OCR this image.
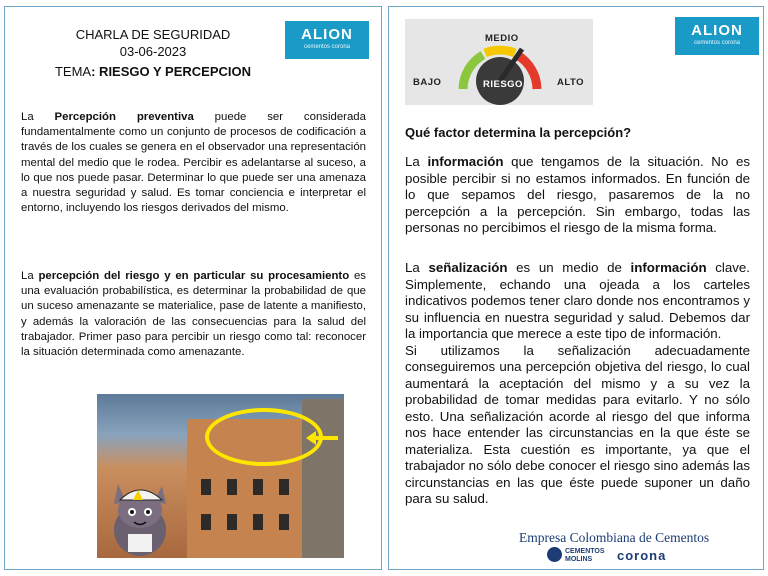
CHARLA DE SEGURIDAD
03-06-2023
TEMA: RIESGO Y PERCEPCION
ALION
cementos corona
La Percepción preventiva puede ser considerada fundamentalmente como un conjunto de procesos de codificación a través de los cuales se genera en el observador una representación mental del medio que le rodea. Percibir es adelantarse al suceso, a lo que nos puede pasar. Determinar lo que puede ser una amenaza a nuestra seguridad y salud. Es tomar conciencia e interpretar el entorno, incluyendo los riesgos derivados del mismo.
La percepción del riesgo y en particular su procesamiento es una evaluación probabilística, es determinar la probabilidad de que un suceso amenazante se materialice, pase de latente a manifiesto, y además la valoración de las consecuencias para la salud del trabajador. Primer paso para percibir un riesgo como tal: reconocer la situación determinada como amenazante.
MEDIO
BAJO	ALTO
RIESGO
ALION
cementos corona
Qué factor determina la percepción?
La información que tengamos de la situación. No es posible percibir si no estamos informados. En función de lo que sepamos del riesgo, pasaremos de la no percepción a la percepción. Sin embargo, todas las personas no percibimos el riesgo de la misma forma.
La señalización es un medio de información clave. Simplemente, echando una ojeada a los carteles indicativos podemos tener claro donde nos encontramos y su influencia en nuestra seguridad y salud. Debemos dar la importancia que merece a este tipo de información.
Si utilizamos la señalización adecuadamente conseguiremos una percepción objetiva del riesgo, lo cual aumentará la aceptación del mismo y a su vez la probabilidad de tomar medidas para evitarlo. Y no sólo esto. Una señalización acorde al riesgo del que informa nos hace entender las circunstancias en la que éste se materializa. Esta cuestión es importante, ya que el trabajador no sólo debe conocer el riesgo sino además las circunstancias en las que éste puede suponer un daño para su salud.
Empresa Colombiana de Cementos
CEMENTOS
MOLINS	corona
